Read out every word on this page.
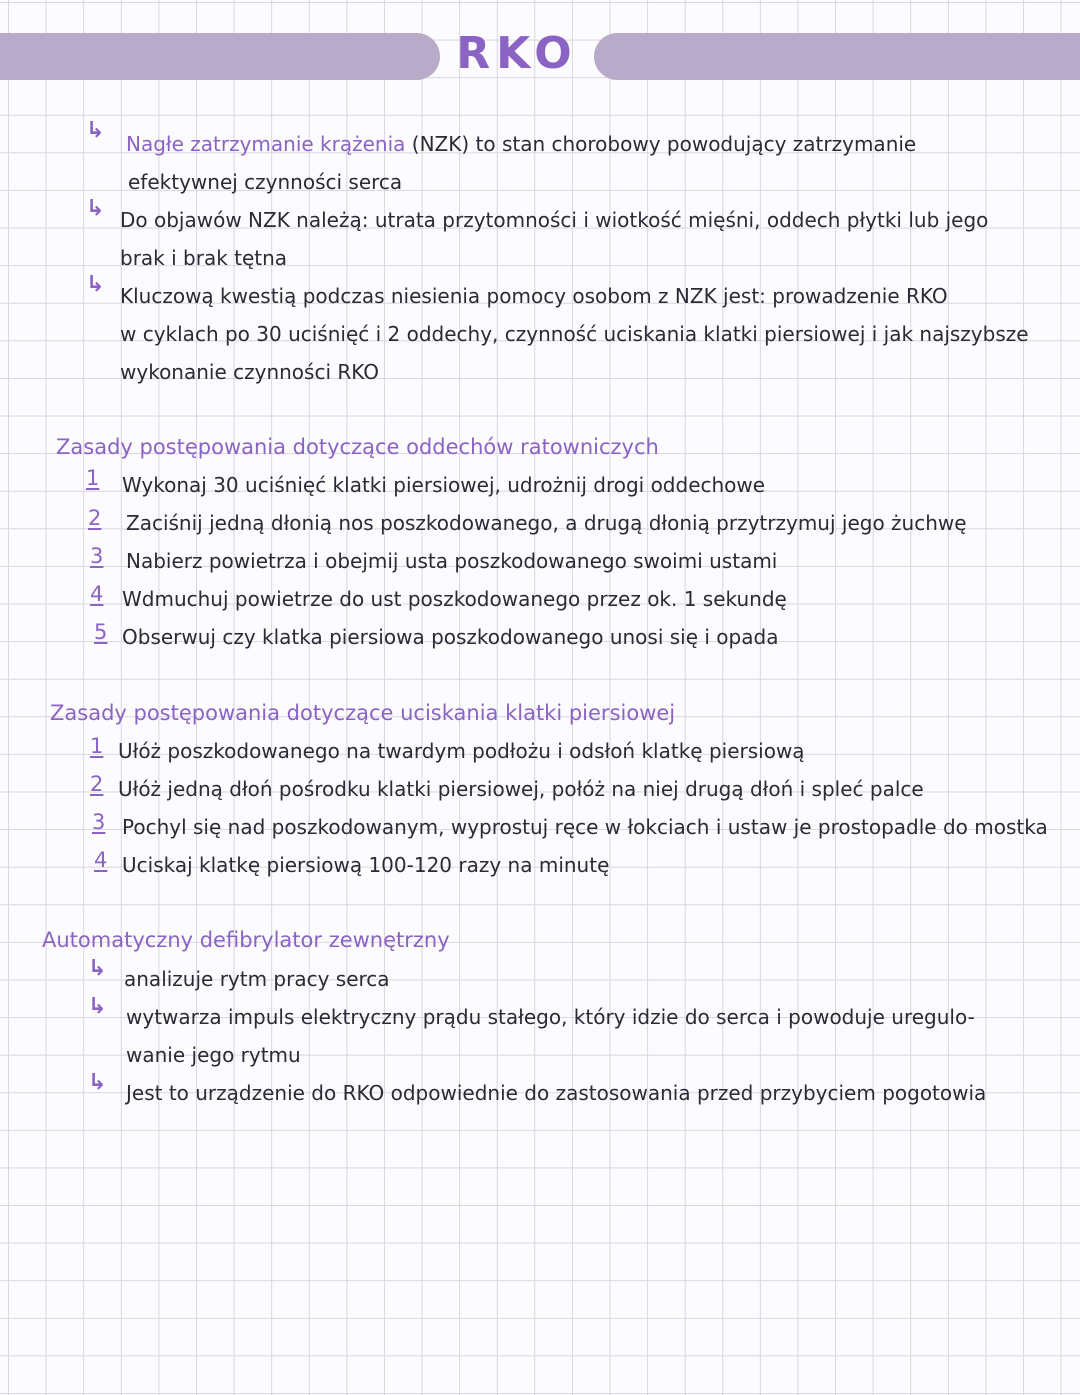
RKO
↳
Nagłe zatrzymanie krążenia (NZK) to stan chorobowy powodujący zatrzymanie
efektywnej czynności serca
↳ Do objawów NZK należą: utrata przytomności i wiotkość mięśni, oddech płytki lub jego
brak i brak tętna
↳ Kluczową kwestią podczas niesienia pomocy osobom z NZK jest: prowadzenie RKO
w cyklach po 30 uciśnięć i 2 oddechy, czynność uciskania klatki piersiowej i jak najszybsze
wykonanie czynności RKO
Zasady postępowania dotyczące oddechów ratowniczych
1 Wykonaj 30 uciśnięć klatki piersiowej, udrożnij drogi oddechowe
2 Zaciśnij jedną dłonią nos poszkodowanego, a drugą dłonią przytrzymuj jego żuchwę
3 Nabierz powietrza i obejmij usta poszkodowanego swoimi ustami
4 Wdmuchuj powietrze do ust poszkodowanego przez ok. 1 sekundę
5 Obserwuj czy klatka piersiowa poszkodowanego unosi się i opada
Zasady postępowania dotyczące uciskania klatki piersiowej
1 Ułóż poszkodowanego na twardym podłożu i odsłoń klatkę piersiową
2 Ułóż jedną dłoń pośrodku klatki piersiowej, połóż na niej drugą dłoń i spleć palce
3 Pochyl się nad poszkodowanym, wyprostuj ręce w łokciach i ustaw je prostopadle do mostka
4 Uciskaj klatkę piersiową 100-120 razy na minutę
Automatyczny defibrylator zewnętrzny
↳ analizuje rytm pracy serca
↳ wytwarza impuls elektryczny prądu stałego, który idzie do serca i powoduje uregulo-
wanie jego rytmu
↳ Jest to urządzenie do RKO odpowiednie do zastosowania przed przybyciem pogotowia
